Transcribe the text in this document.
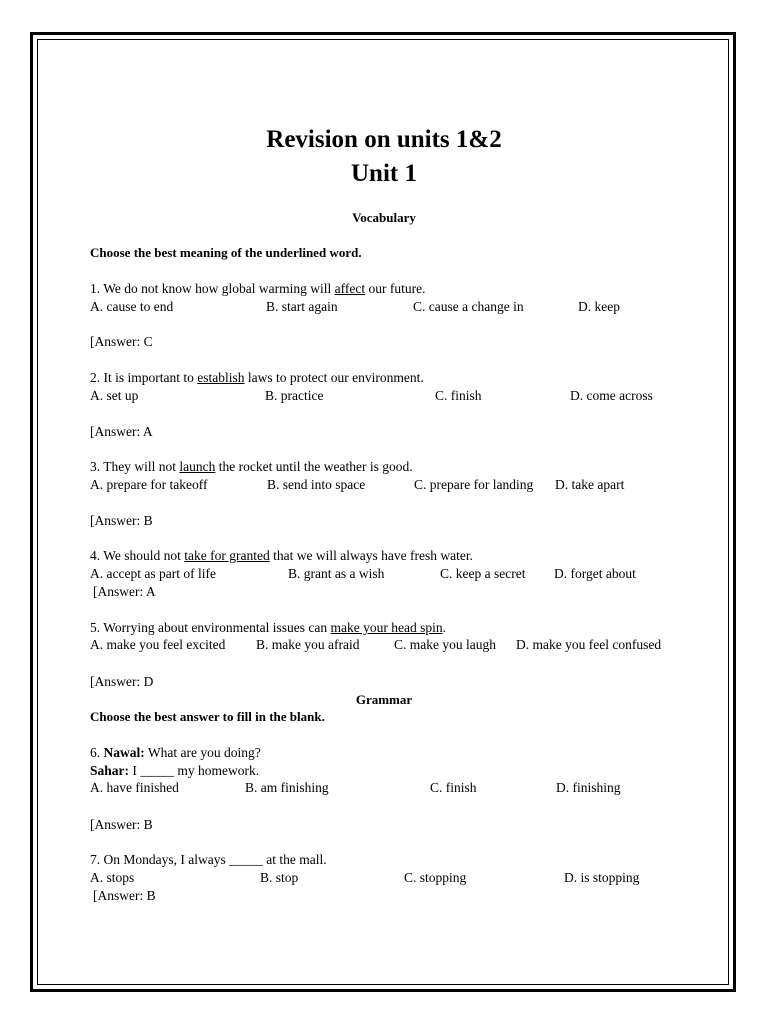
Revision on units 1&2
Unit 1
Vocabulary
Choose the best meaning of the underlined word.
1. We do not know how global warming will affect our future.
A. cause to end	B. start again	C. cause a change in	D. keep
[Answer: C
2. It is important to establish laws to protect our environment.
A. set up	B. practice	C. finish	D. come across
[Answer: A
3. They will not launch the rocket until the weather is good.
A. prepare for takeoff	B. send into space	C. prepare for landing D. take apart
[Answer: B
4. We should not take for granted that we will always have fresh water.
A. accept as part of life	B. grant as a wish	C. keep a secret D. forget about
[Answer: A
5. Worrying about environmental issues can make your head spin.
A. make you feel excited B. make you afraid	C. make you laugh D. make you feel confused
[Answer: D
Grammar
Choose the best answer to fill in the blank.
6. Nawal: What are you doing?
Sahar: I _____ my homework.
A. have finished	B. am finishing	C. finish	D. finishing
[Answer: B
7. On Mondays, I always _____ at the mall.
A. stops	B. stop	C. stopping	D. is stopping
[Answer: B
